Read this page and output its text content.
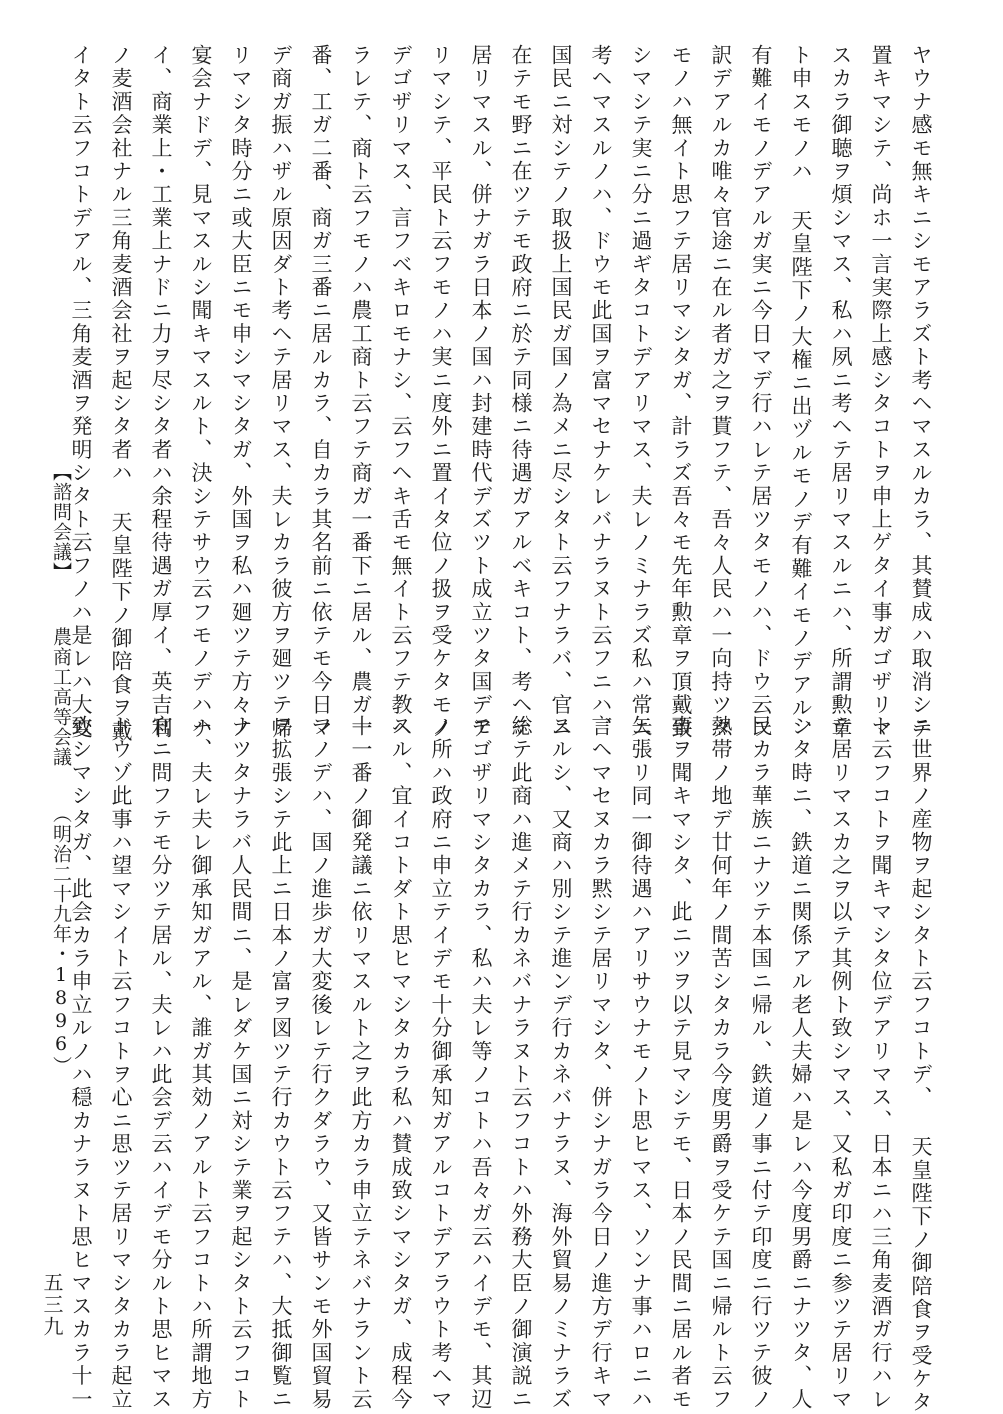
ヤウナ感モ無キニシモアラズト考ヘマスルカラ、其賛成ハ取消シテ
置キマシテ、尚ホ一言実際上感シタコトヲ申上ゲタイ事ガゴザリマ
スカラ御聴ヲ煩シマス、私ハ夙ニ考ヘテ居リマスルニハ、所謂勲章
ト申スモノハ 天皇陛下ノ大権ニ出ヅルモノデ有難イモノデアル、
有難イモノデアルガ実ニ今日マデ行ハレテ居ツタモノハ、ドウ云フ
訳デアルカ唯々官途ニ在ル者ガ之ヲ貰フテ、吾々人民ハ一向持ツタ
モノハ無イト思フテ居リマシタガ、計ラズ吾々モ先年勲章ヲ頂戴致
シマシテ実ニ分ニ過ギタコトデアリマス、夫レノミナラズ私ハ常ニ
考ヘマスルノハ、ドウモ此国ヲ富マセナケレバナラヌト云フニハ、
国民ニ対シテノ取扱上国民ガ国ノ為メニ尽シタト云フナラバ、官ニ
在テモ野ニ在ツテモ政府ニ於テ同様ニ待遇ガアルベキコト、考ヘテ
居リマスル、併ナガラ日本ノ国ハ封建時代デズツト成立ツタ国デア
リマシテ、平民ト云フモノハ実ニ度外ニ置イタ位ノ扱ヲ受ケタモノ
デゴザリマス、言フベキロモナシ、云フヘキ舌モ無イト云フテ教ヘ
ラレテ、商ト云フモノハ農工商ト云フテ商ガ一番下ニ居ル、農ガ一
番、工ガ二番、商ガ三番ニ居ルカラ、自カラ其名前ニ依テモ今日マ
デ商ガ振ハザル原因ダト考ヘテ居リマス、夫レカラ彼方ヲ廻ツテ帰
リマシタ時分ニ或大臣ニモ申シマシタガ、外国ヲ私ハ廻ツテ方々ノ
宴会ナドデ、見マスルシ聞キマスルト、決シテサウ云フモノデハナ
イ、商業上・工業上ナドニ力ヲ尽シタ者ハ余程待遇ガ厚イ、英吉利
ノ麦酒会社ナル三角麦酒会社ヲ起シタ者ハ 天皇陛下ノ御陪食ヲ戴
イタト云フコトデアル、三角麦酒ヲ発明シタト云フノハ是レハ大変
【諮問会議】 農商工高等会議 （明治二十九年・1896）	ニ世界ノ産物ヲ起シタト云フコトデ、 天皇陛下ノ御陪食ヲ受ケタ
ト云フコトヲ聞キマシタ位デアリマス、日本ニハ三角麦酒ガ行ハレ
テ居リマスカ之ヲ以テ其例ト致シマス、又私ガ印度ニ参ツテ居リマ
シタ時ニ、鉄道ニ関係アル老人夫婦ハ是レハ今度男爵ニナツタ、人
民カラ華族ニナツテ本国ニ帰ル、鉄道ノ事ニ付テ印度ニ行ツテ彼ノ
熱帯ノ地デ廿何年ノ間苦シタカラ今度男爵ヲ受ケテ国ニ帰ルト云フ
事ヲ聞キマシタ、此ニツヲ以テ見マシテモ、日本ノ民間ニ居ル者モ
矢張リ同一御待遇ハアリサウナモノト思ヒマス、ソンナ事ハロニハ
言ヘマセヌカラ黙シテ居リマシタ、併シナガラ今日ノ進方デ行キマ
スルシ、又商ハ別シテ進ンデ行カネバナラヌ、海外貿易ノミナラズ
総テ此商ハ進メテ行カネバナラヌト云フコトハ外務大臣ノ御演説ニ
モゴザリマシタカラ、私ハ夫レ等ノコトハ吾々ガ云ハイデモ、其辺
ノ所ハ政府ニ申立テイデモ十分御承知ガアルコトデアラウト考ヘマ
スル、宜イコトダト思ヒマシタカラ私ハ賛成致シマシタガ、成程今
十一番ノ御発議ニ依リマスルト之ヲ此方カラ申立テネバナラント云
フノデハ、国ノ進歩ガ大変後レテ行クダラウ、又皆サンモ外国貿易
ヲ拡張シテ此上ニ日本ノ富ヲ図ツテ行カウト云フテハ、大抵御覧ニ
ナツタナラバ人民間ニ、是レダケ国ニ対シテ業ヲ起シタト云フコト
ハ、夫レ夫レ御承知ガアル、誰ガ其効ノアルト云フコトハ所謂地方
官ニ問フテモ分ツテ居ル、夫レハ此会デ云ハイデモ分ルト思ヒマス
ドウゾ此事ハ望マシイト云フコトヲ心ニ思ツテ居リマシタカラ起立
致シマシタガ、此会カラ申立ルノハ穏カナラヌト思ヒマスカラ十一
五三九
